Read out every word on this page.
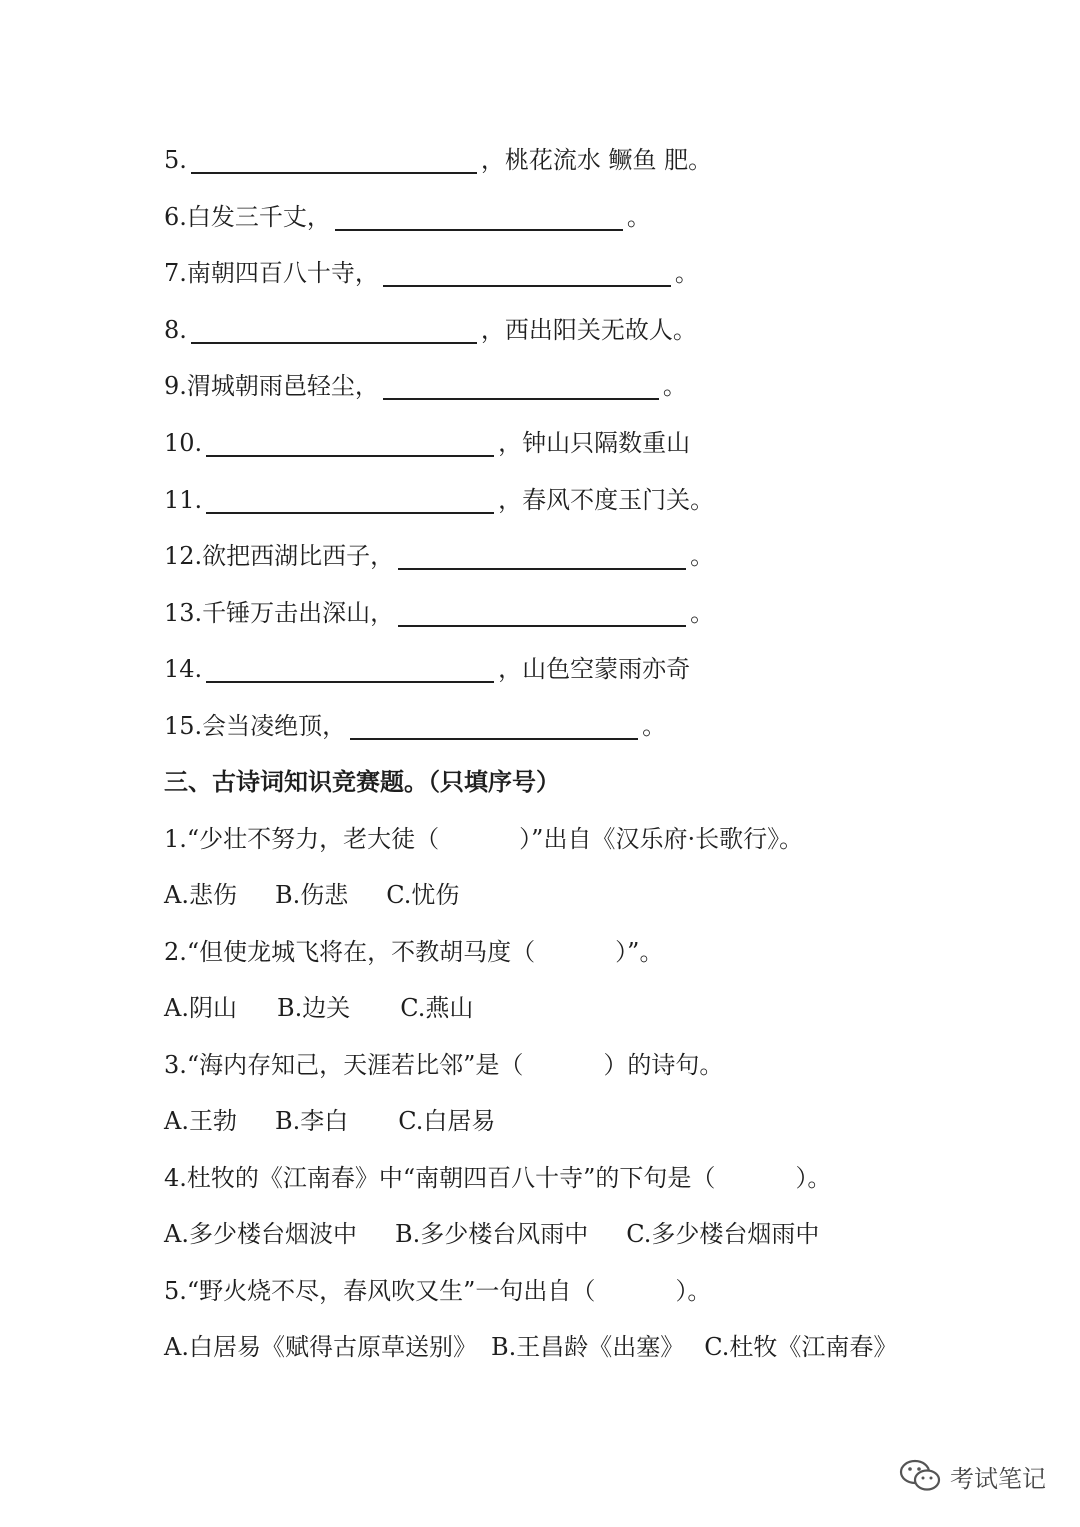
5.	，桃花流水 鳜鱼 肥。
6. 白发三千丈，	。
7. 南朝四百八十寺，	。
8.	，西出阳关无故人。
9. 渭城朝雨邑轻尘，	。
10.	，钟山只隔数重山
11.	，春风不度玉门关。
12. 欲把西湖比西子，	。
13. 千锤万击出深山，	。
14.	，山色空蒙雨亦奇
15. 会当凌绝顶，	。
三、古诗词知识竞赛题。（只填序号）
1.“少壮不努力，老大徒（	）”出自《汉乐府·长歌行》。
A.悲伤 B.伤悲 C.忧伤
2.“但使龙城飞将在，不教胡马度（	）”。
A.阴山 B.边关 C.燕山
3.“海内存知己，天涯若比邻”是（	）的诗句。
A.王勃 B.李白 C.白居易
4.杜牧的《江南春》中“南朝四百八十寺”的下句是（	）。
A.多少楼台烟波中 B.多少楼台风雨中 C.多少楼台烟雨中
5.“野火烧不尽，春风吹又生”一句出自（	）。
A.白居易《赋得古原草送别》 B.王昌龄《出塞》 C.杜牧《江南春》
考试笔记
